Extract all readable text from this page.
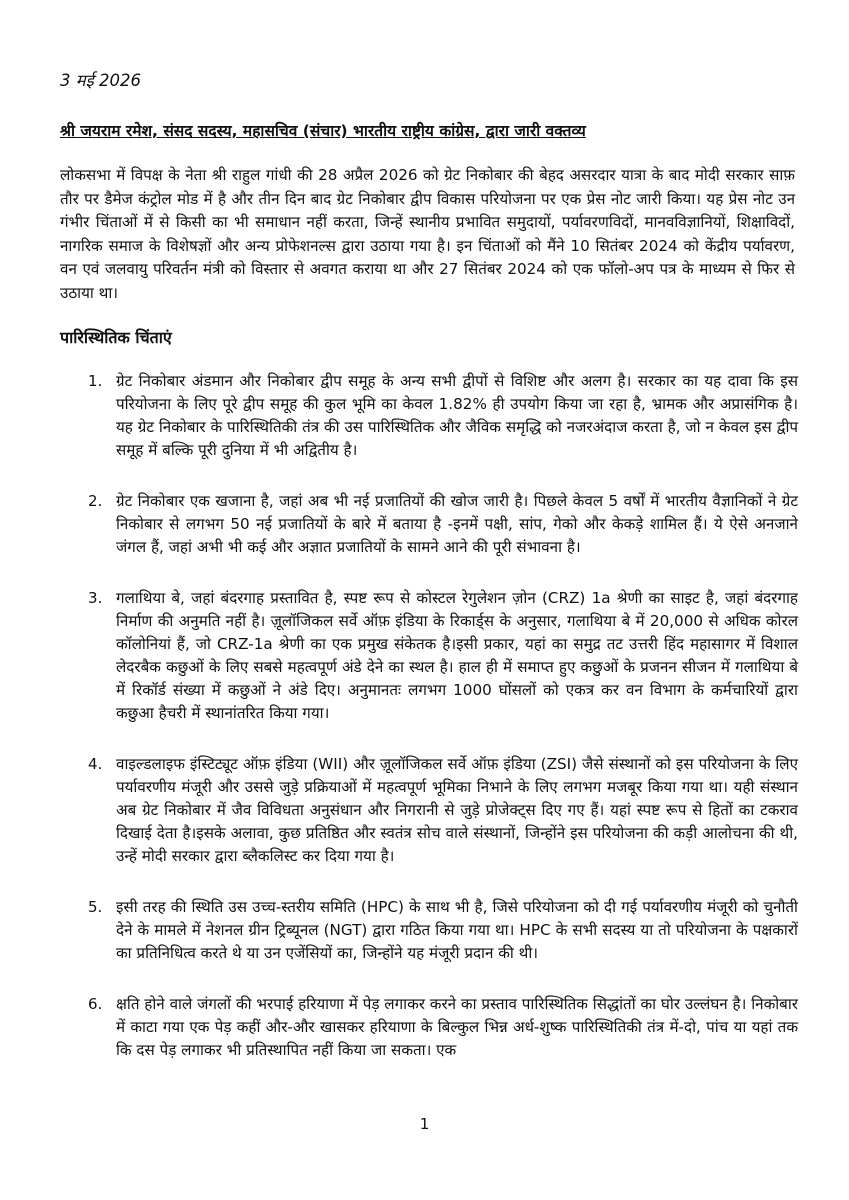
3 मई 2026
श्री जयराम रमेश, संसद सदस्य, महासचिव (संचार) भारतीय राष्ट्रीय कांग्रेस, द्वारा जारी वक्तव्य
लोकसभा में विपक्ष के नेता श्री राहुल गांधी की 28 अप्रैल 2026 को ग्रेट निकोबार की बेहद असरदार यात्रा के बाद मोदी सरकार साफ़ तौर पर डैमेज कंट्रोल मोड में है और तीन दिन बाद ग्रेट निकोबार द्वीप विकास परियोजना पर एक प्रेस नोट जारी किया। यह प्रेस नोट उन गंभीर चिंताओं में से किसी का भी समाधान नहीं करता, जिन्हें स्थानीय प्रभावित समुदायों, पर्यावरणविदों, मानवविज्ञानियों, शिक्षाविदों, नागरिक समाज के विशेषज्ञों और अन्य प्रोफेशनल्स द्वारा उठाया गया है। इन चिंताओं को मैंने 10 सितंबर 2024 को केंद्रीय पर्यावरण, वन एवं जलवायु परिवर्तन मंत्री को विस्तार से अवगत कराया था और 27 सितंबर 2024 को एक फॉलो-अप पत्र के माध्यम से फिर से उठाया था।
पारिस्थितिक चिंताएं
1. ग्रेट निकोबार अंडमान और निकोबार द्वीप समूह के अन्य सभी द्वीपों से विशिष्ट और अलग है। सरकार का यह दावा कि इस परियोजना के लिए पूरे द्वीप समूह की कुल भूमि का केवल 1.82% ही उपयोग किया जा रहा है, भ्रामक और अप्रासंगिक है। यह ग्रेट निकोबार के पारिस्थितिकी तंत्र की उस पारिस्थितिक और जैविक समृद्धि को नजरअंदाज करता है, जो न केवल इस द्वीप समूह में बल्कि पूरी दुनिया में भी अद्वितीय है।
2. ग्रेट निकोबार एक खजाना है, जहां अब भी नई प्रजातियों की खोज जारी है। पिछले केवल 5 वर्षों में भारतीय वैज्ञानिकों ने ग्रेट निकोबार से लगभग 50 नई प्रजातियों के बारे में बताया है -इनमें पक्षी, सांप, गेको और केकड़े शामिल हैं। ये ऐसे अनजाने जंगल हैं, जहां अभी भी कई और अज्ञात प्रजातियों के सामने आने की पूरी संभावना है।
3. गलाथिया बे, जहां बंदरगाह प्रस्तावित है, स्पष्ट रूप से कोस्टल रेगुलेशन ज़ोन (CRZ) 1a श्रेणी का साइट है, जहां बंदरगाह निर्माण की अनुमति नहीं है। ज़ूलॉजिकल सर्वे ऑफ़ इंडिया के रिकार्ड्स के अनुसार, गलाथिया बे में 20,000 से अधिक कोरल कॉलोनियां हैं, जो CRZ-1a श्रेणी का एक प्रमुख संकेतक है।इसी प्रकार, यहां का समुद्र तट उत्तरी हिंद महासागर में विशाल लेदरबैक कछुओं के लिए सबसे महत्वपूर्ण अंडे देने का स्थल है। हाल ही में समाप्त हुए कछुओं के प्रजनन सीजन में गलाथिया बे में रिकॉर्ड संख्या में कछुओं ने अंडे दिए। अनुमानतः लगभग 1000 घोंसलों को एकत्र कर वन विभाग के कर्मचारियों द्वारा कछुआ हैचरी में स्थानांतरित किया गया।
4. वाइल्डलाइफ इंस्टिट्यूट ऑफ़ इंडिया (WII) और ज़ूलॉजिकल सर्वे ऑफ़ इंडिया (ZSI) जैसे संस्थानों को इस परियोजना के लिए पर्यावरणीय मंजूरी और उससे जुड़े प्रक्रियाओं में महत्वपूर्ण भूमिका निभाने के लिए लगभग मजबूर किया गया था। यही संस्थान अब ग्रेट निकोबार में जैव विविधता अनुसंधान और निगरानी से जुड़े प्रोजेक्ट्स दिए गए हैं। यहां स्पष्ट रूप से हितों का टकराव दिखाई देता है।इसके अलावा, कुछ प्रतिष्ठित और स्वतंत्र सोच वाले संस्थानों, जिन्होंने इस परियोजना की कड़ी आलोचना की थी, उन्हें मोदी सरकार द्वारा ब्लैकलिस्ट कर दिया गया है।
5. इसी तरह की स्थिति उस उच्च-स्तरीय समिति (HPC) के साथ भी है, जिसे परियोजना को दी गई पर्यावरणीय मंजूरी को चुनौती देने के मामले में नेशनल ग्रीन ट्रिब्यूनल (NGT) द्वारा गठित किया गया था। HPC के सभी सदस्य या तो परियोजना के पक्षकारों का प्रतिनिधित्व करते थे या उन एजेंसियों का, जिन्होंने यह मंजूरी प्रदान की थी।
6. क्षति होने वाले जंगलों की भरपाई हरियाणा में पेड़ लगाकर करने का प्रस्ताव पारिस्थितिक सिद्धांतों का घोर उल्लंघन है। निकोबार में काटा गया एक पेड़ कहीं और-और खासकर हरियाणा के बिल्कुल भिन्न अर्ध-शुष्क पारिस्थितिकी तंत्र में-दो, पांच या यहां तक कि दस पेड़ लगाकर भी प्रतिस्थापित नहीं किया जा सकता। एक
1
